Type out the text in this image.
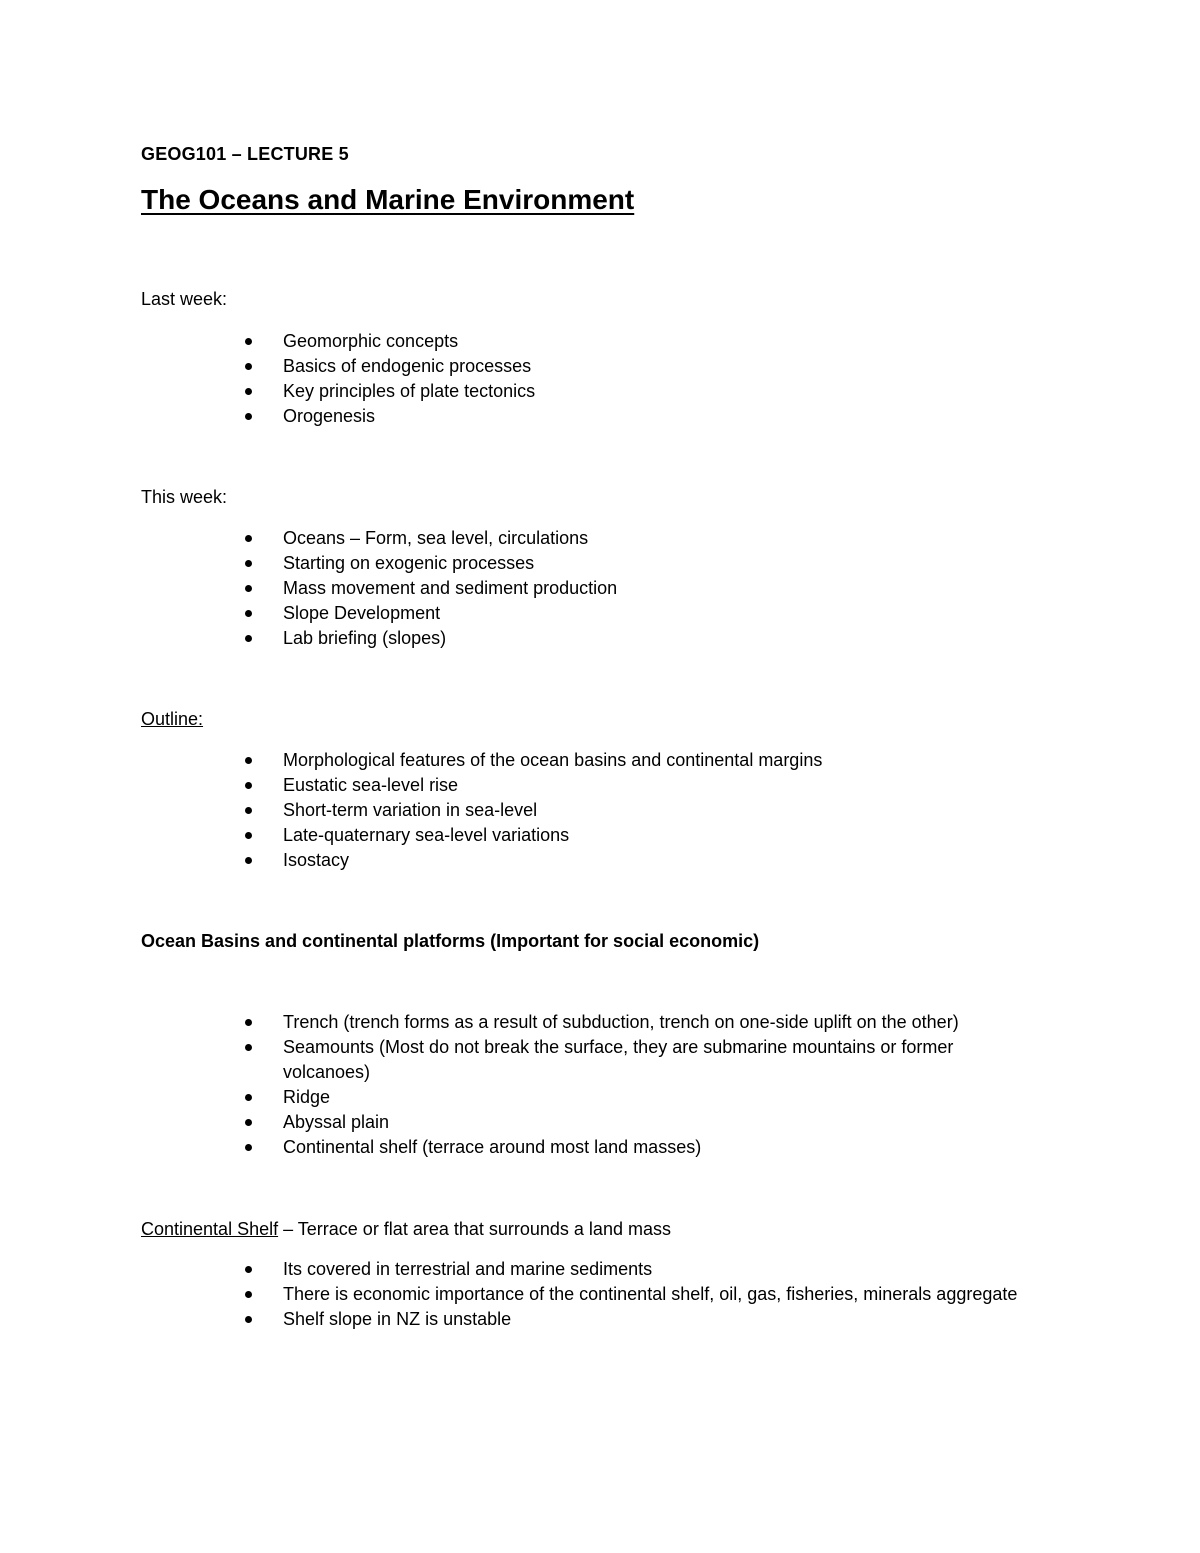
GEOG101 – LECTURE 5
The Oceans and Marine Environment
Last week:
Geomorphic concepts
Basics of endogenic processes
Key principles of plate tectonics
Orogenesis
This week:
Oceans – Form, sea level, circulations
Starting on exogenic processes
Mass movement and sediment production
Slope Development
Lab briefing (slopes)
Outline:
Morphological features of the ocean basins and continental margins
Eustatic sea-level rise
Short-term variation in sea-level
Late-quaternary sea-level variations
Isostacy
Ocean Basins and continental platforms (Important for social economic)
Trench (trench forms as a result of subduction, trench on one-side uplift on the other)
Seamounts (Most do not break the surface, they are submarine mountains or former volcanoes)
Ridge
Abyssal plain
Continental shelf (terrace around most land masses)
Continental Shelf – Terrace or flat area that surrounds a land mass
Its covered in terrestrial and marine sediments
There is economic importance of the continental shelf, oil, gas, fisheries, minerals aggregate
Shelf slope in NZ is unstable
